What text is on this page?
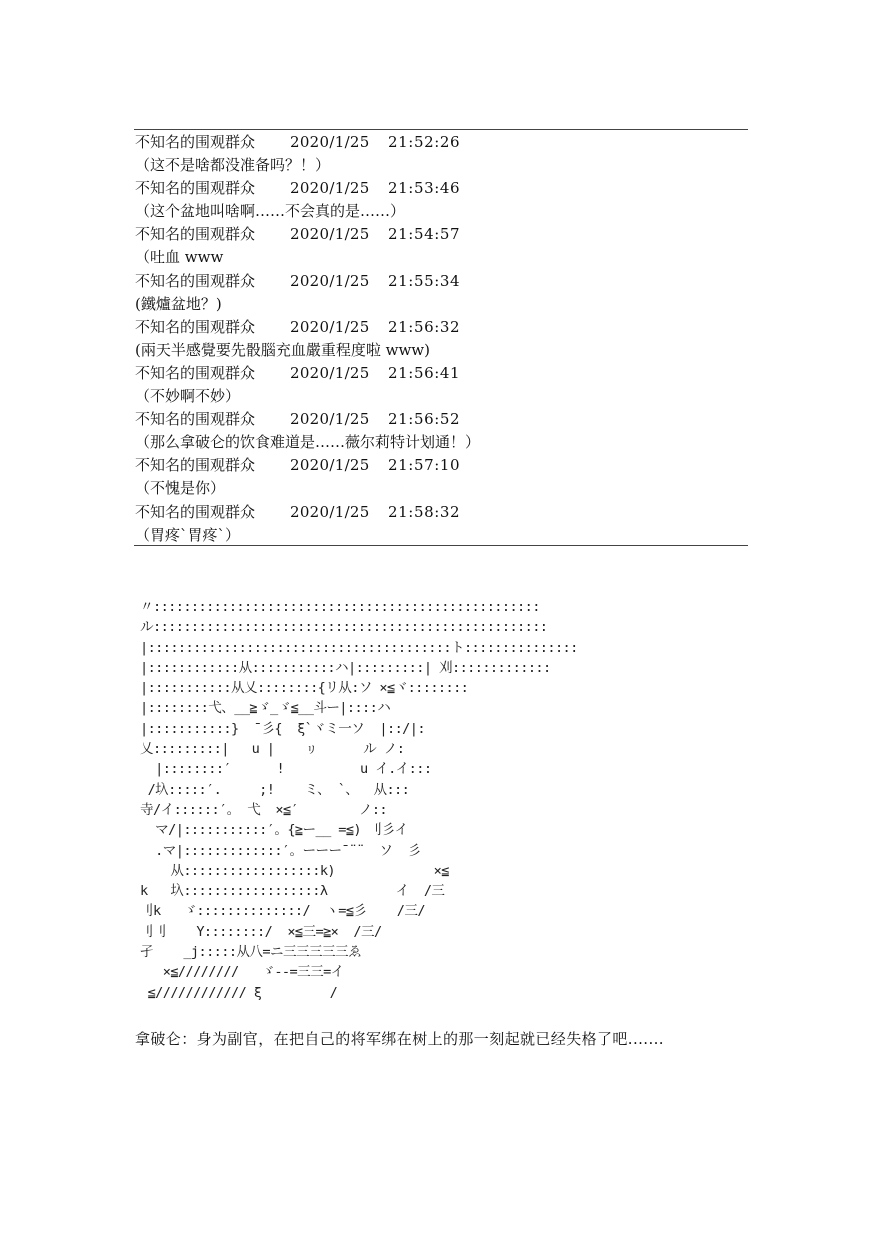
不知名的围观群众 2020/1/25 21:52:26
（这不是啥都没准备吗？！）
不知名的围观群众 2020/1/25 21:53:46
（这个盆地叫啥啊……不会真的是……）
不知名的围观群众 2020/1/25 21:54:57
（吐血 www
不知名的围观群众 2020/1/25 21:55:34
(鐵爐盆地？)
不知名的围观群众 2020/1/25 21:56:32
(兩天半感覺要先骰腦充血嚴重程度啦 www)
不知名的围观群众 2020/1/25 21:56:41
（不妙啊不妙）
不知名的围观群众 2020/1/25 21:56:52
（那么拿破仑的饮食难道是……薇尔莉特计划通！）
不知名的围观群众 2020/1/25 21:57:10
（不愧是你）
不知名的围观群众 2020/1/25 21:58:32
（胃疼`胃疼`）
〃:::::::::::::::::::::::::::::::::::::::::::::::::::
ル::::::::::::::::::::::::::::::::::::::::::::::::::::
|::::::::::::::::::::::::::::::::::::::::ト:::::::::::::::
|::::::::::::从:::::::::::ハ|:::::::::| 刈:::::::::::::
|:::::::::::从乂::::::::{リ从:ソ ×≦ヾ::::::::
|::::::::弋、__≧ゞ_ゞ≦__斗ー|::::ハ
|:::::::::::}  ¯彡{  ξ`ヾミ一ソ  |::/|:
乂:::::::::|   u |    ㇼ      ル ノ:
|::::::::′      !          u イ.イ:::
/圦:::::′.     ;!    ミ、 `、  从:::
寺/イ::::::′。 弋  ×≦′        ノ::
マ/|:::::::::::′。{≧ー__ =≦) 刂彡イ
.マ|:::::::::::::′。ーーー¯¨¨  ソ  彡
从::::::::::::::::::k)             ×≦
k   圦::::::::::::::::::λ         イ  /三
刂k   ゞ::::::::::::::/  ヽ=≦彡    /三/
刂刂    Y::::::::/  ×≦三=≧×  /三/
孑    _j:::::从八=ニ三三三三三ゑ
×≦////////   ゞ--=三三=イ
≦//////////// ξ         /
拿破仑：身为副官，在把自己的将军绑在树上的那一刻起就已经失格了吧.......
